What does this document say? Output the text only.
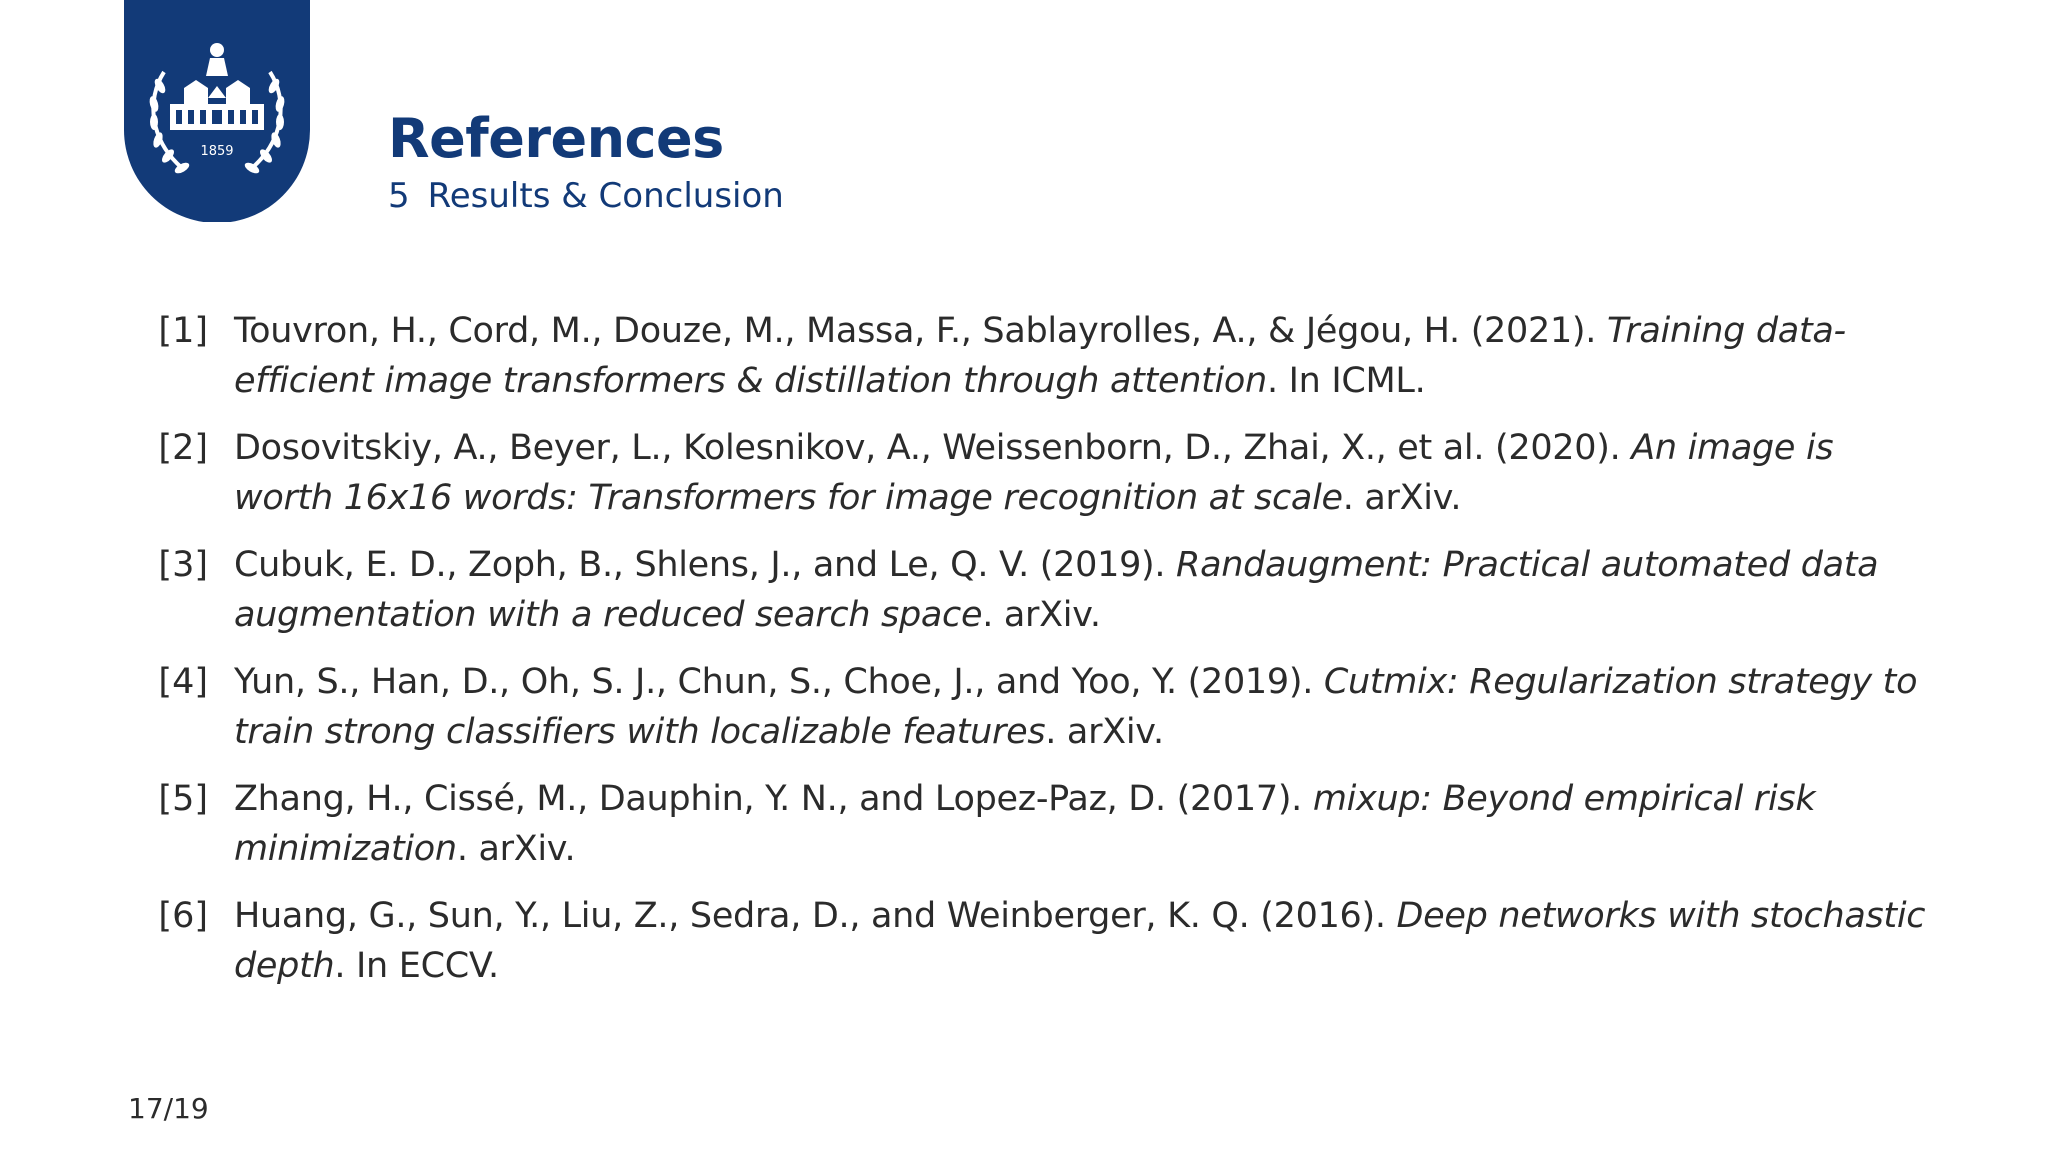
1859	References
5 Results & Conclusion
[1] Touvron, H., Cord, M., Douze, M., Massa, F., Sablayrolles, A., & Jégou, H. (2021). Training data-efficient image transformers & distillation through attention. In ICML.
[2] Dosovitskiy, A., Beyer, L., Kolesnikov, A., Weissenborn, D., Zhai, X., et al. (2020). An image is worth 16x16 words: Transformers for image recognition at scale. arXiv.
[3] Cubuk, E. D., Zoph, B., Shlens, J., and Le, Q. V. (2019). Randaugment: Practical automated data augmentation with a reduced search space. arXiv.
[4] Yun, S., Han, D., Oh, S. J., Chun, S., Choe, J., and Yoo, Y. (2019). Cutmix: Regularization strategy to train strong classifiers with localizable features. arXiv.
[5] Zhang, H., Cissé, M., Dauphin, Y. N., and Lopez-Paz, D. (2017). mixup: Beyond empirical risk minimization. arXiv.
[6] Huang, G., Sun, Y., Liu, Z., Sedra, D., and Weinberger, K. Q. (2016). Deep networks with stochastic depth. In ECCV.
17/19
